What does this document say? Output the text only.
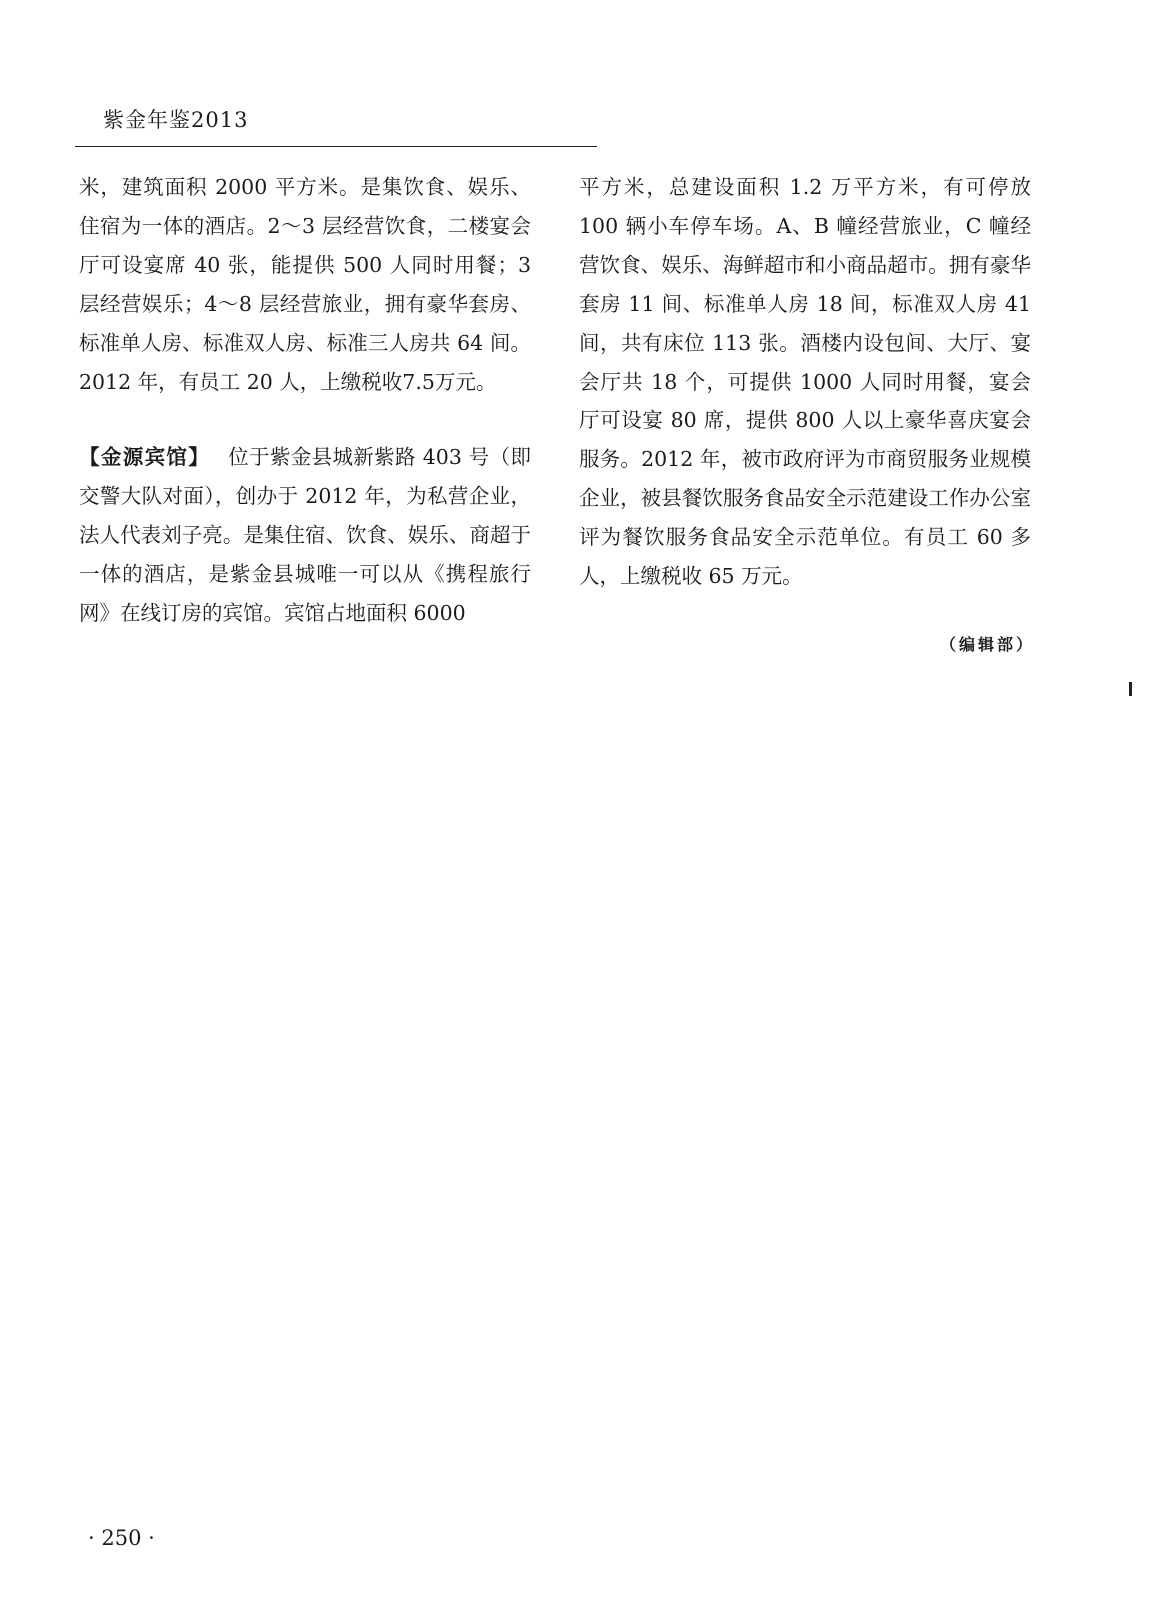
紫金年鉴2013

米，建筑面积 2000 平方米。是集饮食、娱乐、住宿为一体的酒店。2～3 层经营饮食，二楼宴会厅可设宴席 40 张，能提供 500 人同时用餐；3 层经营娱乐；4～8 层经营旅业，拥有豪华套房、标准单人房、标准双人房、标准三人房共 64 间。2012 年，有员工 20 人，上缴税收7.5万元。

【金源宾馆】 位于紫金县城新紫路 403 号（即交警大队对面），创办于 2012 年，为私营企业，法人代表刘子亮。是集住宿、饮食、娱乐、商超于一体的酒店，是紫金县城唯一可以从《携程旅行网》在线订房的宾馆。宾馆占地面积 6000

平方米，总建设面积 1.2 万平方米，有可停放 100 辆小车停车场。A、B 幢经营旅业，C 幢经营饮食、娱乐、海鲜超市和小商品超市。拥有豪华套房 11 间、标准单人房 18 间，标准双人房 41 间，共有床位 113 张。酒楼内设包间、大厅、宴会厅共 18 个，可提供 1000 人同时用餐，宴会厅可设宴 80 席，提供 800 人以上豪华喜庆宴会服务。2012 年，被市政府评为市商贸服务业规模企业，被县餐饮服务食品安全示范建设工作办公室评为餐饮服务食品安全示范单位。有员工 60 多人，上缴税收 65 万元。

（编辑部）
· 250 ·
